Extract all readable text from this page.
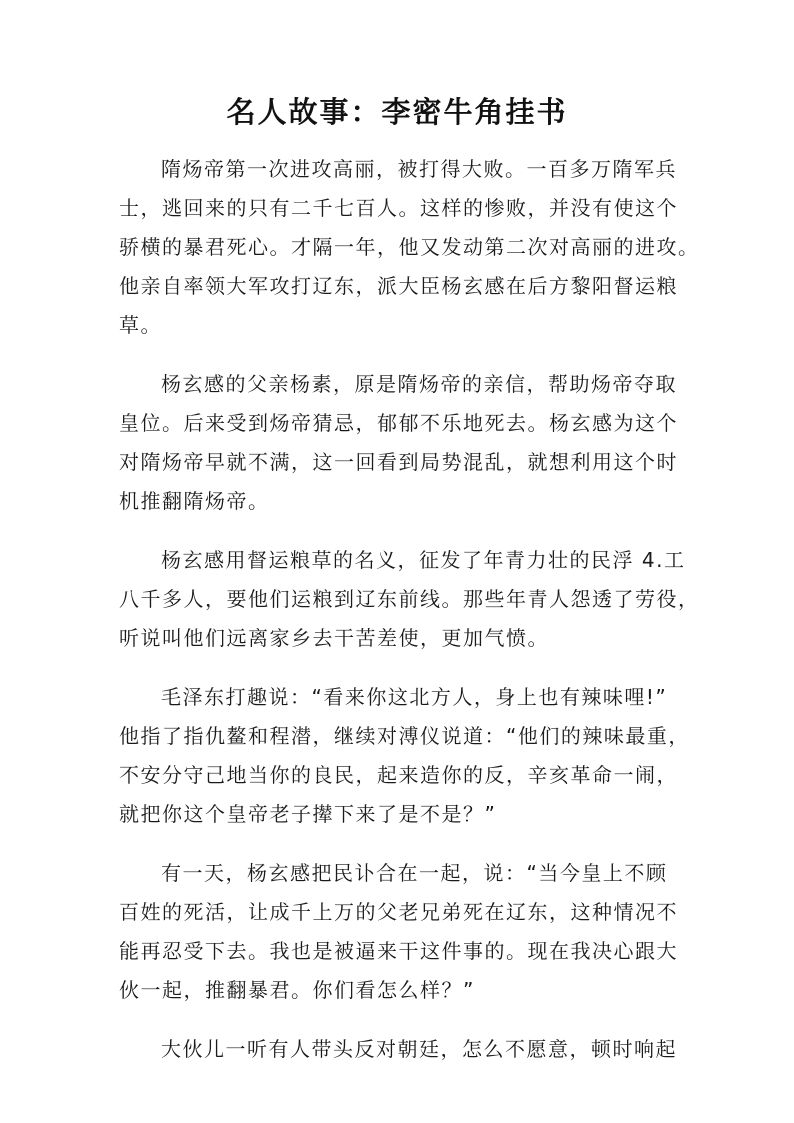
名人故事：李密牛角挂书
隋炀帝第一次进攻高丽，被打得大败。一百多万隋军兵
士，逃回来的只有二千七百人。这样的惨败，并没有使这个
骄横的暴君死心。才隔一年，他又发动第二次对高丽的进攻。
他亲自率领大军攻打辽东，派大臣杨玄感在后方黎阳督运粮
草。
杨玄感的父亲杨素，原是隋炀帝的亲信，帮助炀帝夺取
皇位。后来受到炀帝猜忌，郁郁不乐地死去。杨玄感为这个
对隋炀帝早就不满，这一回看到局势混乱，就想利用这个时
机推翻隋炀帝。
杨玄感用督运粮草的名义，征发了年青力壮的民浮 4.工
八千多人，要他们运粮到辽东前线。那些年青人怨透了劳役，
听说叫他们远离家乡去干苦差使，更加气愤。
毛泽东打趣说：“看来你这北方人，身上也有辣味哩!”
他指了指仇鳌和程潜，继续对溥仪说道：“他们的辣味最重，
不安分守己地当你的良民，起来造你的反，辛亥革命一闹，
就把你这个皇帝老子撵下来了是不是？”
有一天，杨玄感把民讣合在一起，说：“当今皇上不顾
百姓的死活，让成千上万的父老兄弟死在辽东，这种情况不
能再忍受下去。我也是被逼来干这件事的。现在我决心跟大
伙一起，推翻暴君。你们看怎么样？”
大伙儿一听有人带头反对朝廷，怎么不愿意，顿时响起
